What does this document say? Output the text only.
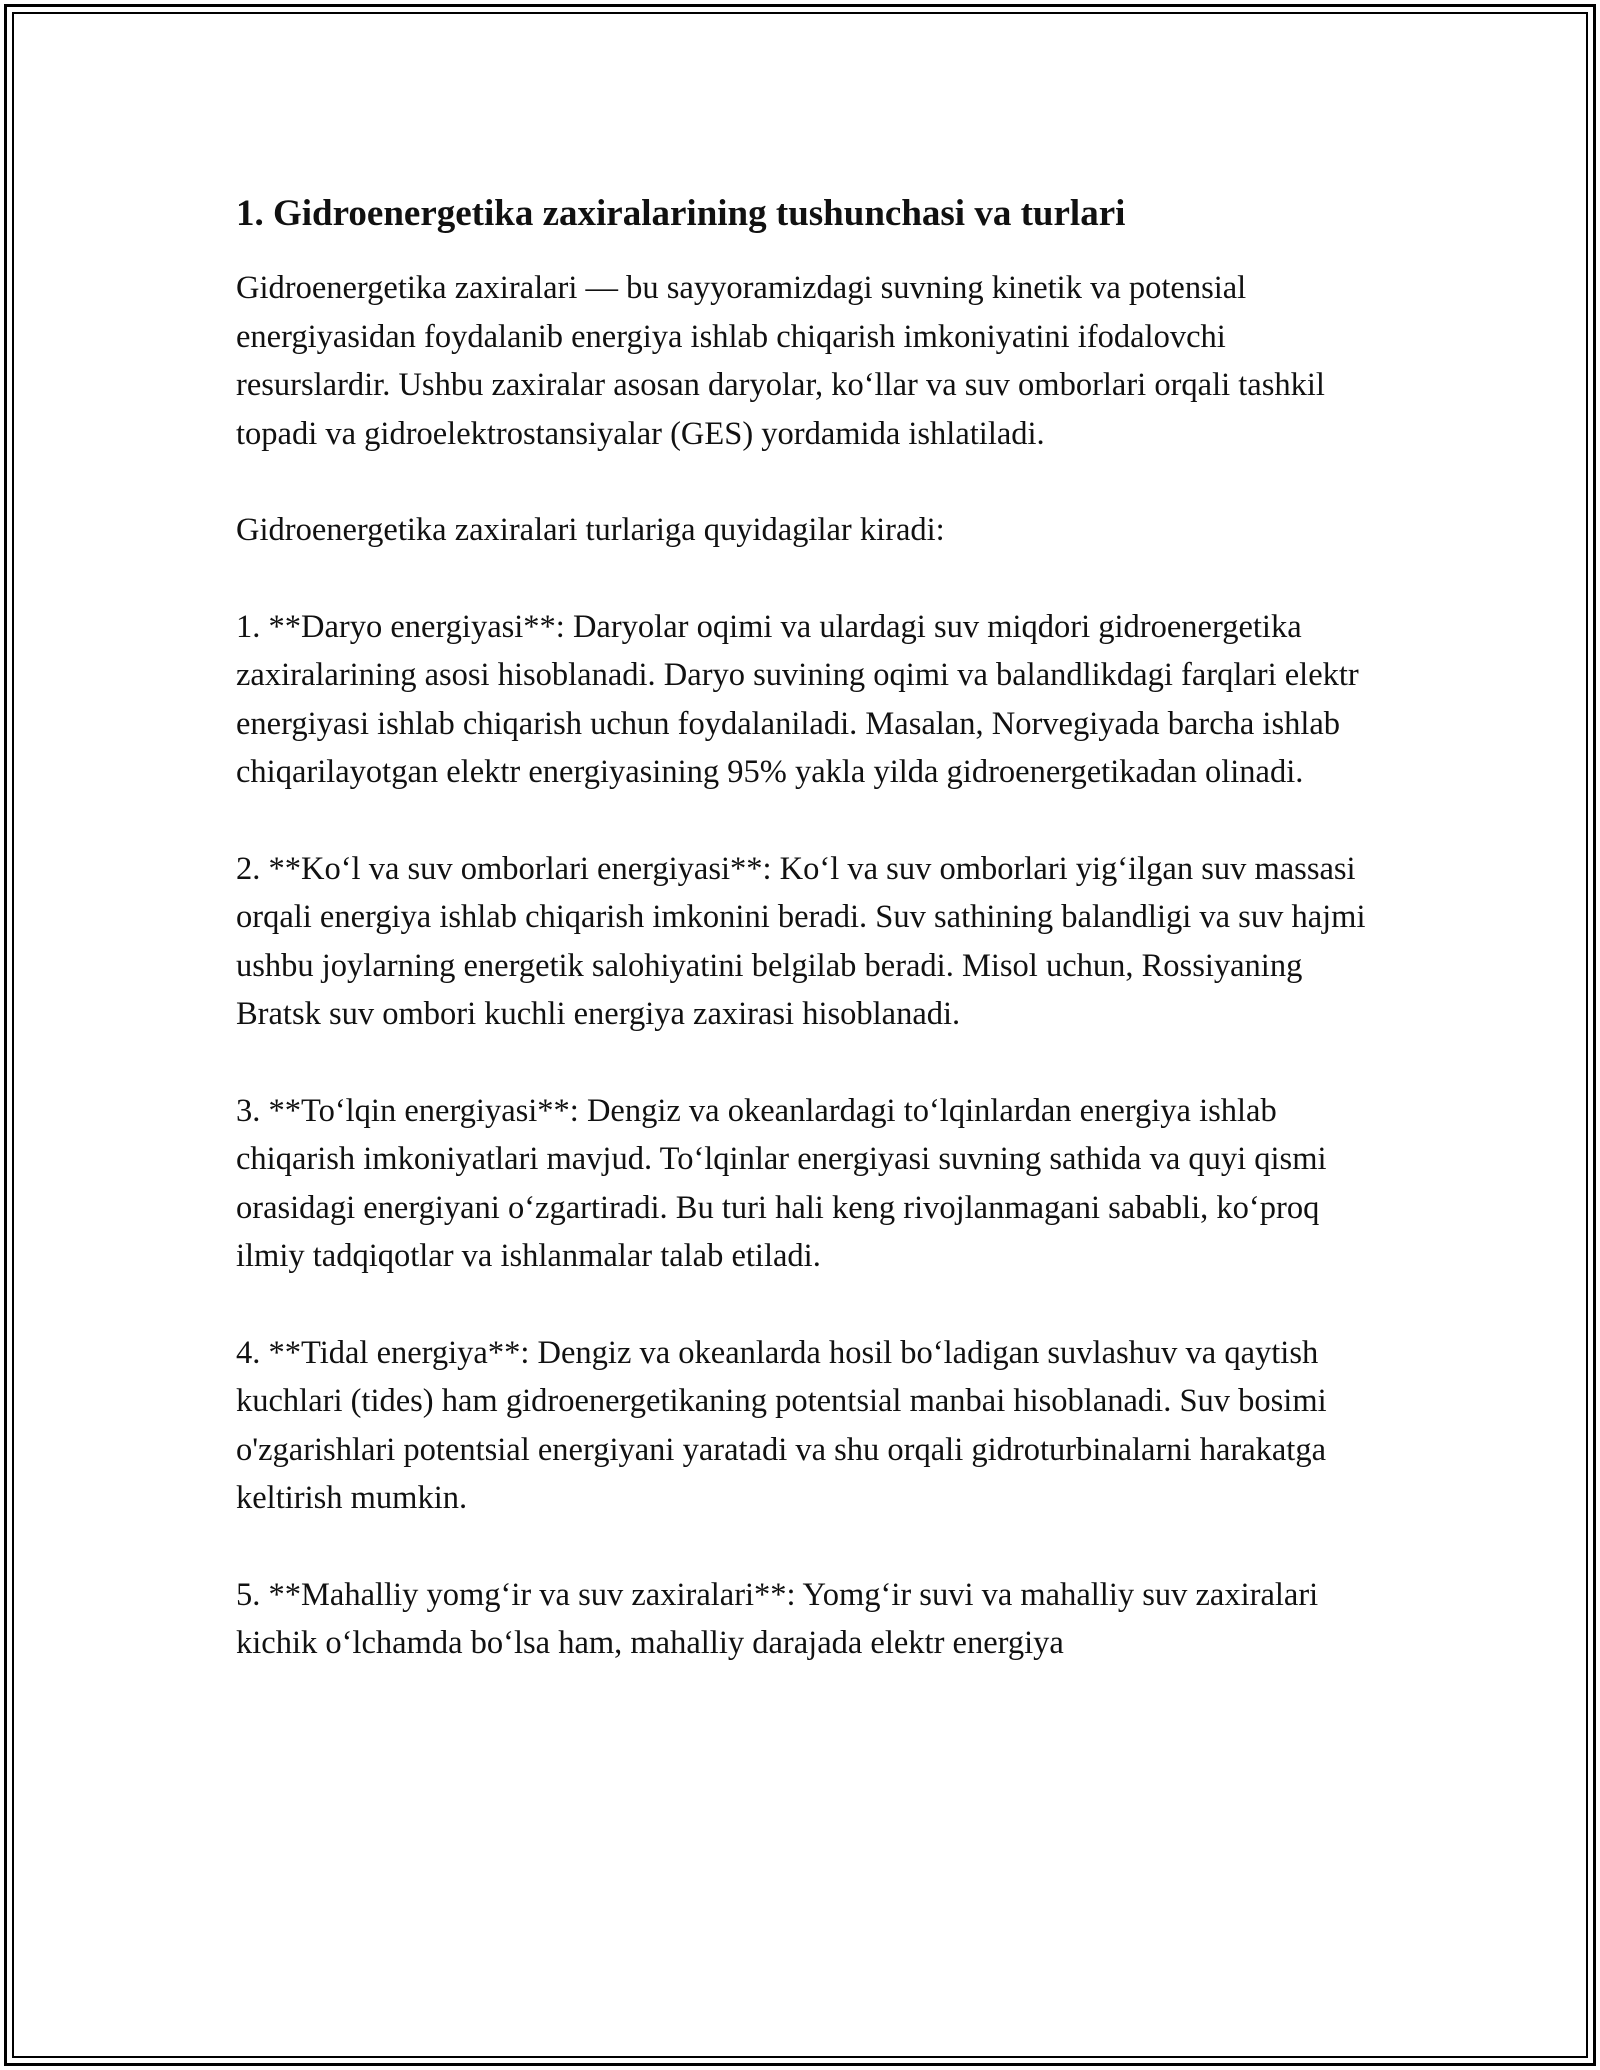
1. Gidroenergetika zaxiralarining tushunchasi va turlari

Gidroenergetika zaxiralari — bu sayyoramizdagi suvning kinetik va potensial energiyasidan foydalanib energiya ishlab chiqarish imkoniyatini ifodalovchi resurslardir. Ushbu zaxiralar asosan daryolar, koʻllar va suv omborlari orqali tashkil topadi va gidroelektrostansiyalar (GES) yordamida ishlatiladi.

Gidroenergetika zaxiralari turlariga quyidagilar kiradi:

1. **Daryo energiyasi**: Daryolar oqimi va ulardagi suv miqdori gidroenergetika zaxiralarining asosi hisoblanadi. Daryo suvining oqimi va balandlikdagi farqlari elektr energiyasi ishlab chiqarish uchun foydalaniladi. Masalan, Norvegiyada barcha ishlab chiqarilayotgan elektr energiyasining 95% yakla yilda gidroenergetikadan olinadi.

2. **Koʻl va suv omborlari energiyasi**: Koʻl va suv omborlari yigʻilgan suv massasi orqali energiya ishlab chiqarish imkonini beradi. Suv sathining balandligi va suv hajmi ushbu joylarning energetik salohiyatini belgilab beradi. Misol uchun, Rossiyaning Bratsk suv ombori kuchli energiya zaxirasi hisoblanadi.

3. **Toʻlqin energiyasi**: Dengiz va okeanlardagi toʻlqinlardan energiya ishlab chiqarish imkoniyatlari mavjud. Toʻlqinlar energiyasi suvning sathida va quyi qismi orasidagi energiyani oʻzgartiradi. Bu turi hali keng rivojlanmagani sababli, koʻproq ilmiy tadqiqotlar va ishlanmalar talab etiladi.

4. **Tidal energiya**: Dengiz va okeanlarda hosil boʻladigan suvlashuv va qaytish kuchlari (tides) ham gidroenergetikaning potentsial manbai hisoblanadi. Suv bosimi o'zgarishlari potentsial energiyani yaratadi va shu orqali gidroturbinalarni harakatga keltirish mumkin.

5. **Mahalliy yomgʻir va suv zaxiralari**: Yomgʻir suvi va mahalliy suv zaxiralari kichik oʻlchamda boʻlsa ham, mahalliy darajada elektr energiya
